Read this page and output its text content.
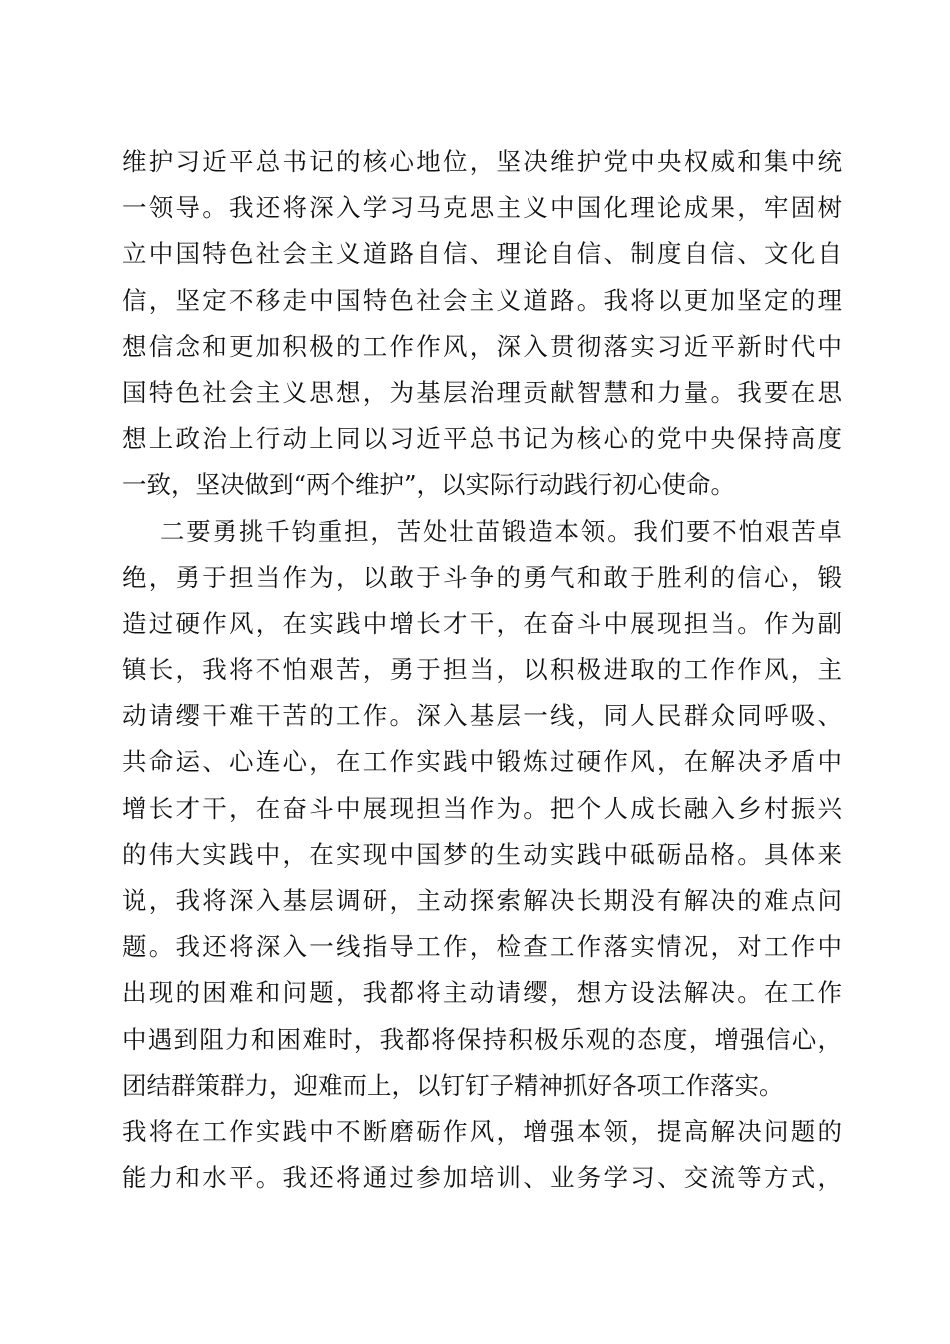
维护习近平总书记的核心地位，坚决维护党中央权威和集中统
一领导。我还将深入学习马克思主义中国化理论成果，牢固树
立中国特色社会主义道路自信、理论自信、制度自信、文化自
信，坚定不移走中国特色社会主义道路。我将以更加坚定的理
想信念和更加积极的工作作风，深入贯彻落实习近平新时代中
国特色社会主义思想，为基层治理贡献智慧和力量。我要在思
想上政治上行动上同以习近平总书记为核心的党中央保持高度
一致，坚决做到“两个维护”，以实际行动践行初心使命。
二要勇挑千钧重担，苦处壮苗锻造本领。我们要不怕艰苦卓
绝，勇于担当作为，以敢于斗争的勇气和敢于胜利的信心，锻
造过硬作风，在实践中增长才干，在奋斗中展现担当。作为副
镇长，我将不怕艰苦，勇于担当，以积极进取的工作作风，主
动请缨干难干苦的工作。深入基层一线，同人民群众同呼吸、
共命运、心连心，在工作实践中锻炼过硬作风，在解决矛盾中
增长才干，在奋斗中展现担当作为。把个人成长融入乡村振兴
的伟大实践中，在实现中国梦的生动实践中砥砺品格。具体来
说，我将深入基层调研，主动探索解决长期没有解决的难点问
题。我还将深入一线指导工作，检查工作落实情况，对工作中
出现的困难和问题，我都将主动请缨，想方设法解决。在工作
中遇到阻力和困难时，我都将保持积极乐观的态度，增强信心，
团结群策群力，迎难而上，以钉钉子精神抓好各项工作落实。
我将在工作实践中不断磨砺作风，增强本领，提高解决问题的
能力和水平。我还将通过参加培训、业务学习、交流等方式，
